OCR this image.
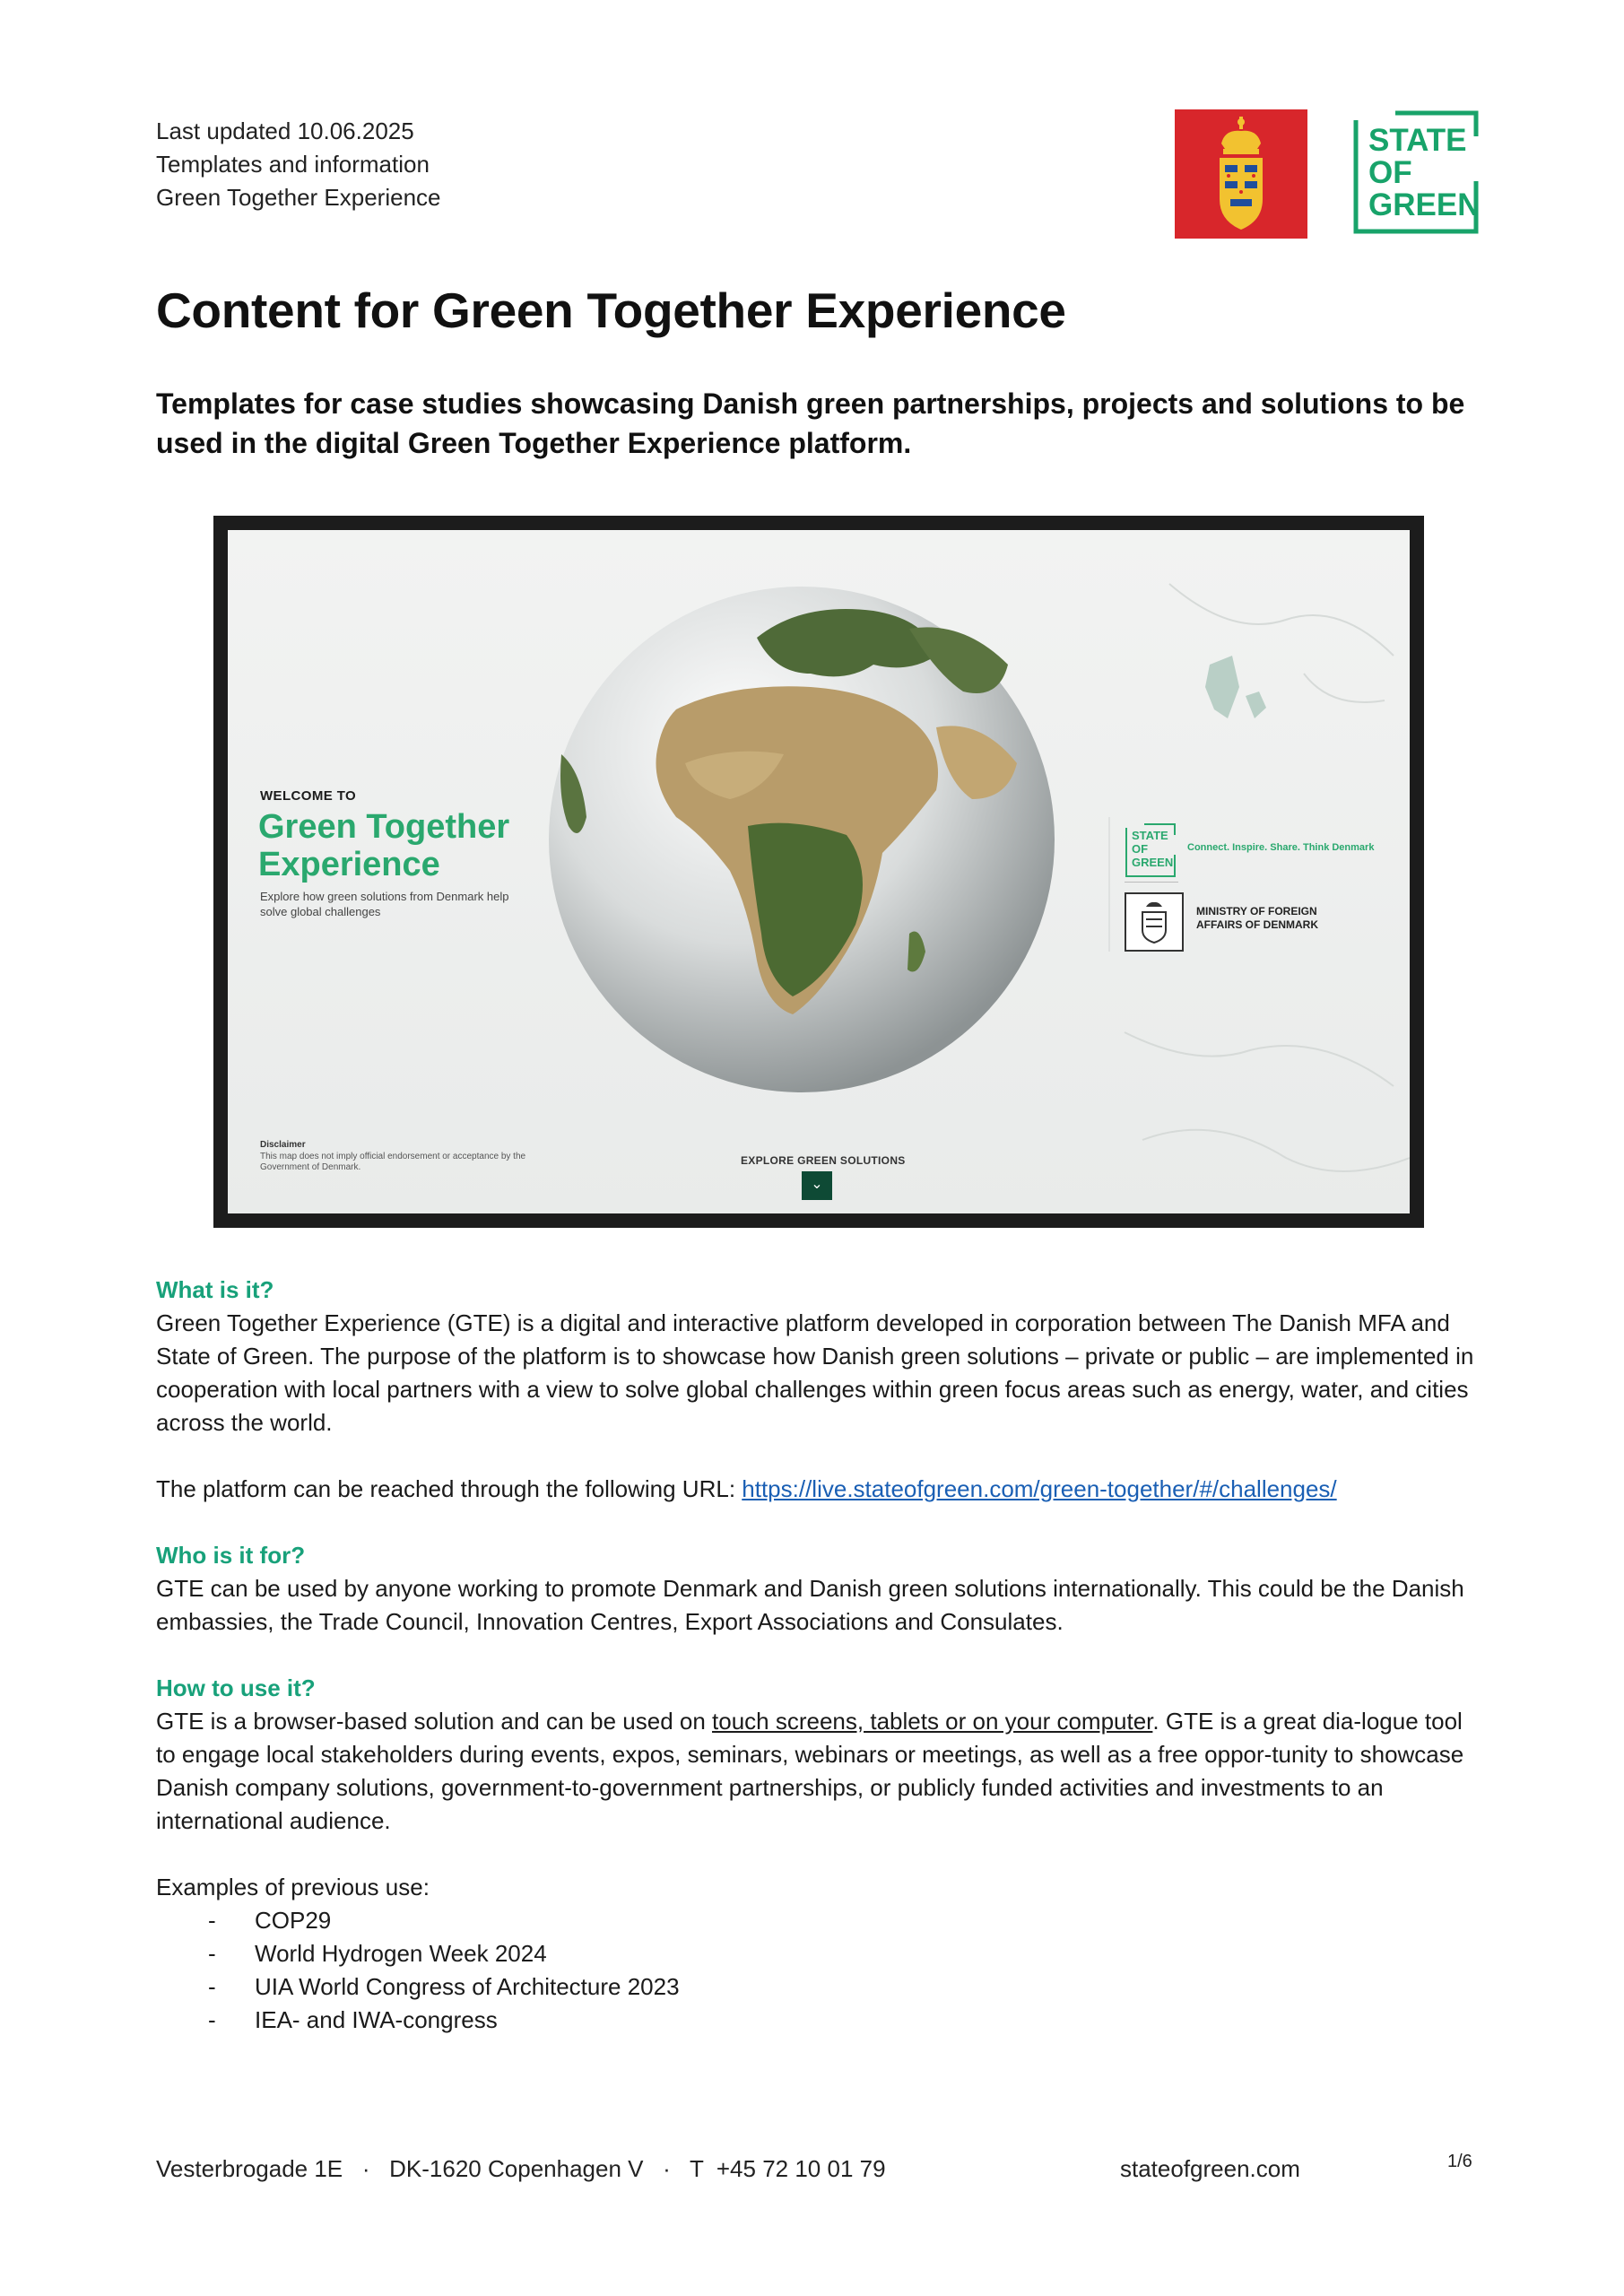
Last updated 10.06.2025
Templates and information
Green Together Experience
STATE
OF
GREEN
Content for Green Together Experience
Templates for case studies showcasing Danish green partnerships, projects and solutions to be used in the digital Green Together Experience platform.
WELCOME TO
Green Together Experience
Explore how green solutions from Denmark help solve global challenges
STATE
OF
GREEN
Connect. Inspire. Share. Think Denmark
MINISTRY OF FOREIGN AFFAIRS OF DENMARK
Disclaimer
This map does not imply official endorsement or acceptance by the Government of Denmark.
EXPLORE GREEN SOLUTIONS
⌄
What is it?
Green Together Experience (GTE) is a digital and interactive platform developed in corporation between The Danish MFA and State of Green. The purpose of the platform is to showcase how Danish green solutions – private or public – are implemented in cooperation with local partners with a view to solve global challenges within green focus areas such as energy, water, and cities across the world.
The platform can be reached through the following URL: https://live.stateofgreen.com/green-together/#/challenges/
Who is it for?
GTE can be used by anyone working to promote Denmark and Danish green solutions internationally. This could be the Danish embassies, the Trade Council, Innovation Centres, Export Associations and Consulates.
How to use it?
GTE is a browser-based solution and can be used on touch screens, tablets or on your computer. GTE is a great dia-logue tool to engage local stakeholders during events, expos, seminars, webinars or meetings, as well as a free oppor-tunity to showcase Danish company solutions, government-to-government partnerships, or publicly funded activities and investments to an international audience.
Examples of previous use:
- COP29
- World Hydrogen Week 2024
- UIA World Congress of Architecture 2023
- IEA- and IWA-congress
Vesterbrogade 1E   ·   DK-1620 Copenhagen V   ·   T  +45 72 10 01 79	stateofgreen.com	1/6
